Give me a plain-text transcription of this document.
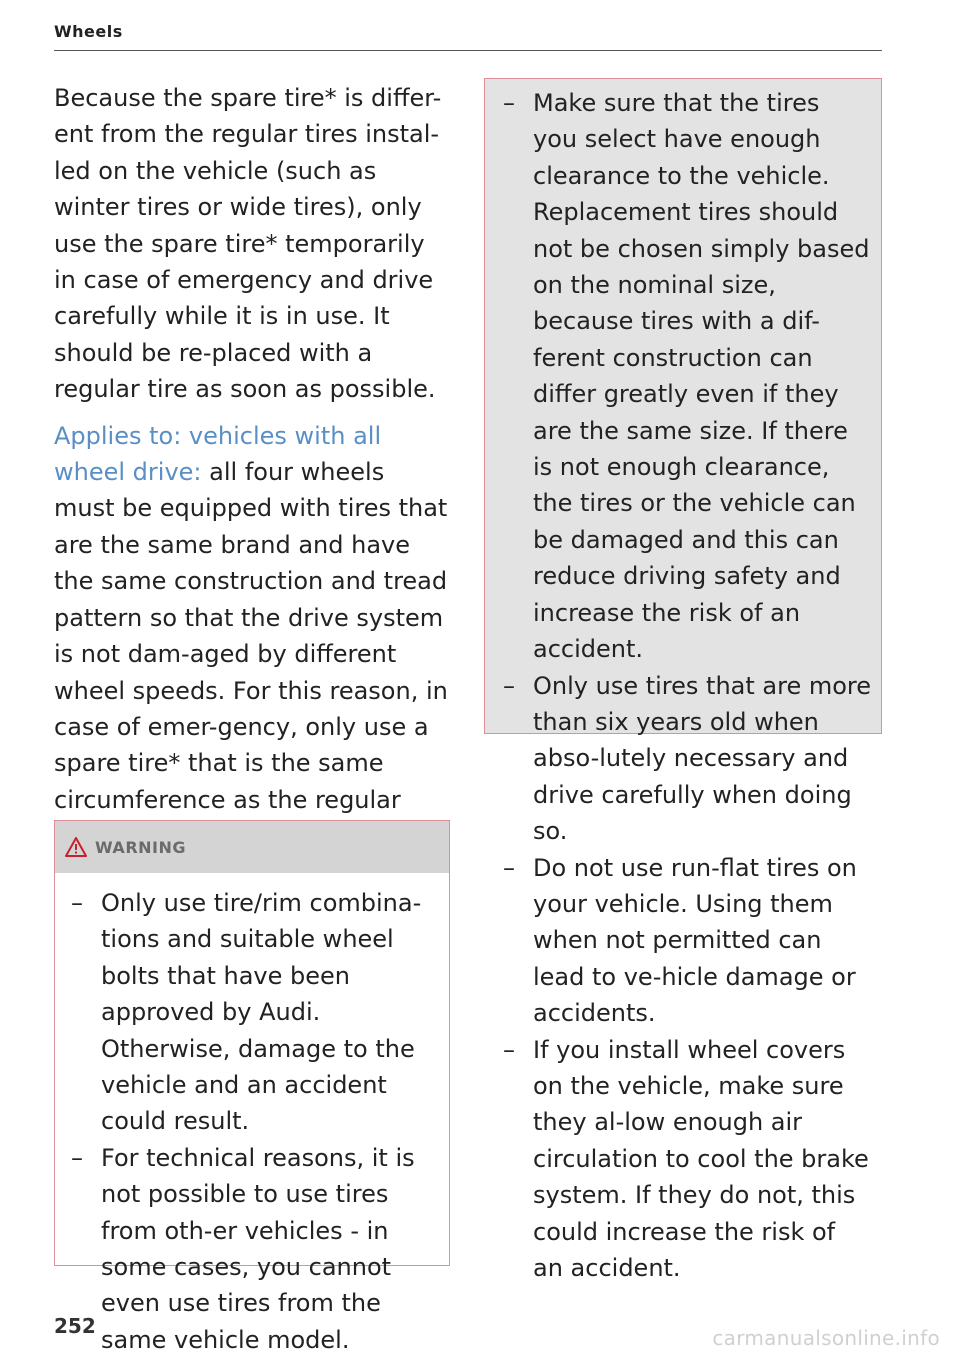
Wheels

Because the spare tire* is differ-ent from the regular tires instal-led on the vehicle (such as winter tires or wide tires), only use the spare tire* temporarily in case of emergency and drive carefully while it is in use. It should be re-placed with a regular tire as soon as possible.

Applies to: vehicles with all wheel drive: all four wheels must be equipped with tires that are the same brand and have the same construction and tread pattern so that the drive system is not dam-aged by different wheel speeds. For this reason, in case of emer-gency, only use a spare tire* that is the same circumference as the regular

WARNING

– Only use tire/rim combina-tions and suitable wheel bolts that have been approved by Audi. Otherwise, damage to the vehicle and an accident could result.

– For technical reasons, it is not possible to use tires from oth-er vehicles - in some cases, you cannot even use tires from the same vehicle model.

– Make sure that the tires you select have enough clearance to the vehicle. Replacement tires should not be chosen simply based on the nominal size, because tires with a dif-ferent construction can differ greatly even if they are the same size. If there is not enough clearance, the tires or the vehicle can be damaged and this can reduce driving safety and increase the risk of an accident.

– Only use tires that are more than six years old when abso-lutely necessary and drive carefully when doing so.

– Do not use run-flat tires on your vehicle. Using them when not permitted can lead to ve-hicle damage or accidents.

– If you install wheel covers on the vehicle, make sure they al-low enough air circulation to cool the brake system. If they do not, this could increase the risk of an accident.

252	carmanualsonline.info
